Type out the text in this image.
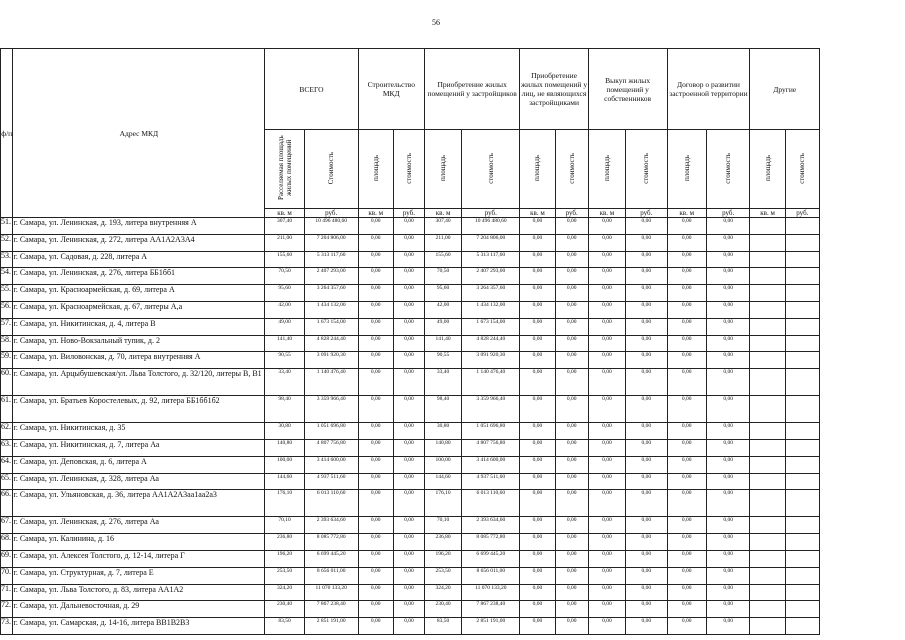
56
ф/п	Адрес МКД	ВСЕГО		Строительство МКД		Приобретение жилых помещений у застройщиков		Приобретение жилых помещений у лиц, не являющихся застройщиками		Выкуп жилых помещений у собственников		Договор о развитии застроенной территории		Другие	
		Расселяемая площадь жилых помещений	Стоимость	площадь	стоимость	площадь	стоимость	площадь	стоимость	площадь	стоимость	площадь	стоимость	площадь	стоимость
		кв. м	руб.	кв. м	руб.	кв. м	руб.	кв. м	руб.	кв. м	руб.	кв. м	руб.	кв. м	руб.
51.	г. Самара, ул. Ленинская, д. 193, литера внутренняя А	307,40	10 496 480,60	0,00	0,00	307,40	10 496 480,60	0,00	0,00	0,00	0,00	0,00	0,00		
52.	г. Самара, ул. Ленинская, д. 272, литера АА1А2А3А4	211,00	7 204 806,00	0,00	0,00	211,00	7 204 806,00	0,00	0,00	0,00	0,00	0,00	0,00		
53.	г. Самара, ул. Садовая, д. 228, литера А	155,60	5 313 117,60	0,00	0,00	155,60	5 313 117,60	0,00	0,00	0,00	0,00	0,00	0,00		
54.	г. Самара, ул. Ленинская, д. 276, литера ББ1бб1	70,50	2 407 293,00	0,00	0,00	70,50	2 407 293,00	0,00	0,00	0,00	0,00	0,00	0,00		
55.	г. Самара, ул. Красноармейская, д. 69, литера А	95,60	3 264 357,60	0,00	0,00	95,60	3 264 357,60	0,00	0,00	0,00	0,00	0,00	0,00		
56.	г. Самара, ул. Красноармейская, д. 67, литеры А,а	42,00	1 434 132,00	0,00	0,00	42,00	1 434 132,00	0,00	0,00	0,00	0,00	0,00	0,00		
57.	г. Самара, ул. Никитинская, д. 4, литера В	49,00	1 673 154,00	0,00	0,00	49,00	1 673 154,00	0,00	0,00	0,00	0,00	0,00	0,00		
58.	г. Самара, ул. Ново-Вокзальный тупик, д. 2	141,40	4 828 244,40	0,00	0,00	141,40	4 828 244,40	0,00	0,00	0,00	0,00	0,00	0,00		
59.	г. Самара, ул. Виловонская, д. 70, литера внутренняя А	90,55	3 091 920,30	0,00	0,00	90,55	3 091 920,30	0,00	0,00	0,00	0,00	0,00	0,00		
60.	г. Самара, ул. Арцыбушевская/ул. Льва Толстого, д. 32/120, литеры В, В1	33,40	1 140 476,40	0,00	0,00	33,40	1 140 476,40	0,00	0,00	0,00	0,00	0,00	0,00		
61.	г. Самара, ул. Братьев Коростелевых, д. 92, литера ББ1бб1б2	98,40	3 359 966,40	0,00	0,00	98,40	3 359 966,40	0,00	0,00	0,00	0,00	0,00	0,00		
62.	г. Самара, ул. Никитинская, д. 35	30,80	1 051 696,80	0,00	0,00	30,80	1 051 696,80	0,00	0,00	0,00	0,00	0,00	0,00		
63.	г. Самара, ул. Никитинская, д. 7, литера Аа	140,80	4 807 756,80	0,00	0,00	140,80	4 807 756,80	0,00	0,00	0,00	0,00	0,00	0,00		
64.	г. Самара, ул. Деповская, д. 6, литера А	100,00	3 414 600,00	0,00	0,00	100,00	3 414 600,00	0,00	0,00	0,00	0,00	0,00	0,00		
65.	г. Самара, ул. Ленинская, д. 328, литера Аа	144,60	4 937 511,60	0,00	0,00	144,60	4 937 511,60	0,00	0,00	0,00	0,00	0,00	0,00		
66.	г. Самара, ул. Ульяновская, д. 36, литера АА1А2А3аа1аа2а3	176,10	6 013 110,60	0,00	0,00	176,10	6 013 110,60	0,00	0,00	0,00	0,00	0,00	0,00		
67.	г. Самара, ул. Ленинская, д. 276, литера Аа	70,10	2 393 634,60	0,00	0,00	70,10	2 393 634,60	0,00	0,00	0,00	0,00	0,00	0,00		
68.	г. Самара, ул. Калинина, д. 16	236,80	8 085 772,80	0,00	0,00	236,80	8 085 772,80	0,00	0,00	0,00	0,00	0,00	0,00		
69.	г. Самара, ул. Алексея Толстого, д. 12-14, литера Г	196,20	6 699 445,20	0,00	0,00	196,20	6 699 445,20	0,00	0,00	0,00	0,00	0,00	0,00		
70.	г. Самара, ул. Структурная, д. 7, литера Е	253,50	8 656 011,00	0,00	0,00	253,50	8 656 011,00	0,00	0,00	0,00	0,00	0,00	0,00		
71.	г. Самара, ул. Льва Толстого, д. 83, литера АА1А2	324,20	11 070 133,20	0,00	0,00	324,20	11 070 133,20	0,00	0,00	0,00	0,00	0,00	0,00		
72.	г. Самара, ул. Дальневосточная, д. 29	230,40	7 867 238,40	0,00	0,00	230,40	7 867 238,40	0,00	0,00	0,00	0,00	0,00	0,00		
73.	г. Самара, ул. Самарская, д. 14-16, литера ВВ1В2В3	83,50	2 851 191,00	0,00	0,00	83,50	2 851 191,00	0,00	0,00	0,00	0,00	0,00	0,00		
